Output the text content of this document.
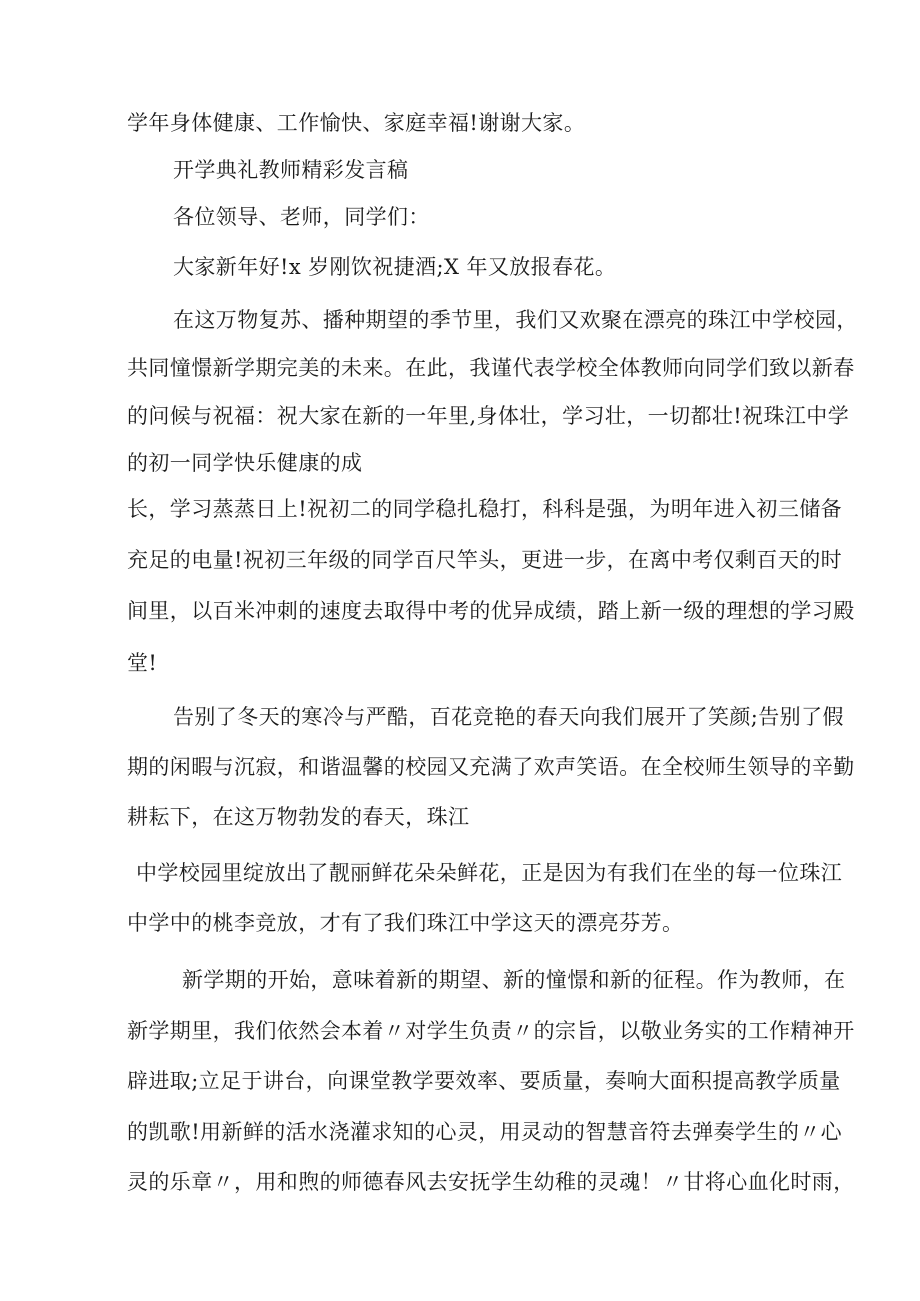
学年身体健康、工作愉快、家庭幸福!谢谢大家。
开学典礼教师精彩发言稿
各位领导、老师，同学们：
大家新年好!x 岁刚饮祝捷酒;X 年又放报春花。
在这万物复苏、播种期望的季节里，我们又欢聚在漂亮的珠江中学校园，
共同憧憬新学期完美的未来。在此，我谨代表学校全体教师向同学们致以新春
的问候与祝福：祝大家在新的一年里,身体壮，学习壮，一切都壮!祝珠江中学
的初一同学快乐健康的成
长，学习蒸蒸日上!祝初二的同学稳扎稳打，科科是强，为明年进入初三储备
充足的电量!祝初三年级的同学百尺竿头，更进一步，在离中考仅剩百天的时
间里，以百米冲刺的速度去取得中考的优异成绩，踏上新一级的理想的学习殿
堂!
告别了冬天的寒冷与严酷，百花竞艳的春天向我们展开了笑颜;告别了假
期的闲暇与沉寂，和谐温馨的校园又充满了欢声笑语。在全校师生领导的辛勤
耕耘下，在这万物勃发的春天，珠江
中学校园里绽放出了靓丽鲜花朵朵鲜花，正是因为有我们在坐的每一位珠江
中学中的桃李竞放，才有了我们珠江中学这天的漂亮芬芳。
新学期的开始，意味着新的期望、新的憧憬和新的征程。作为教师，在
新学期里，我们依然会本着〃对学生负责〃的宗旨，以敬业务实的工作精神开
辟进取;立足于讲台，向课堂教学要效率、要质量，奏响大面积提高教学质量
的凯歌!用新鲜的活水浇灌求知的心灵，用灵动的智慧音符去弹奏学生的〃心
灵的乐章〃，用和煦的师德春风去安抚学生幼稚的灵魂！〃甘将心血化时雨，
